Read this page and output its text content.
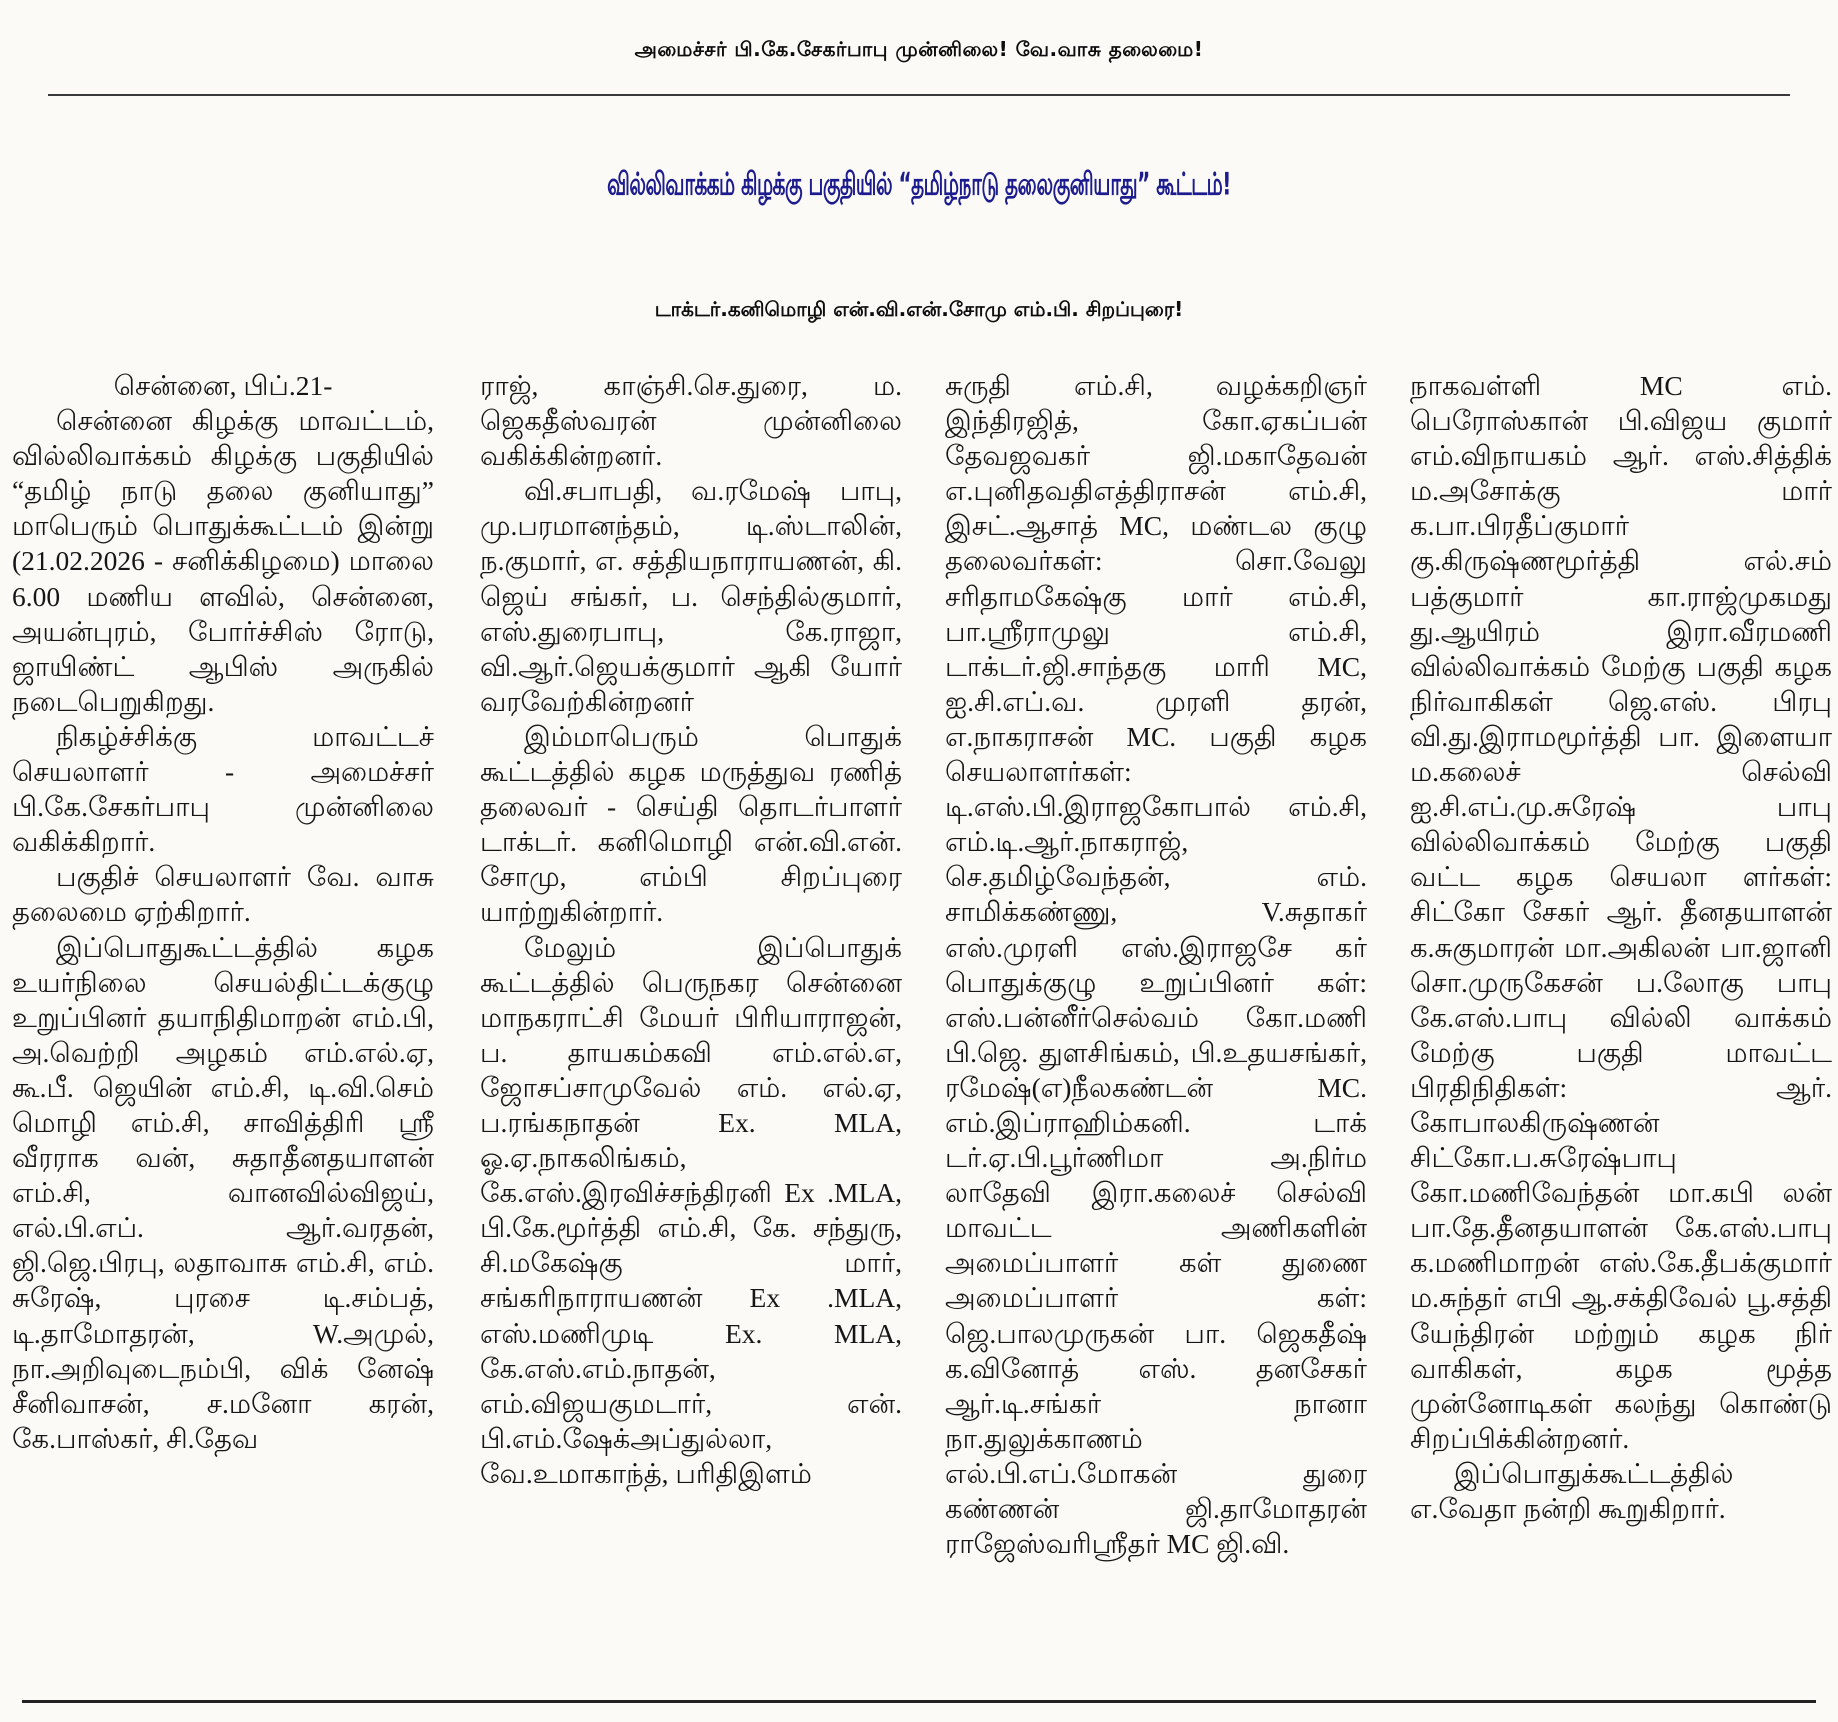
அமைச்சர் பி.கே.சேகர்பாபு முன்னிலை! வே.வாசு தலைமை!
வில்லிவாக்கம் கிழக்கு பகுதியில் “தமிழ்நாடு தலைகுனியாது” கூட்டம்!
டாக்டர்.கனிமொழி என்.வி.என்.சோமு எம்.பி. சிறப்புரை!

சென்னை, பிப்.21-

சென்னை கிழக்கு மாவட்டம், வில்லிவாக்கம் கிழக்கு பகுதியில் “தமிழ் நாடு தலை குனியாது” மாபெரும் பொதுக்கூட்டம் இன்று (21.02.2026 - சனிக்கிழமை) மாலை 6.00 மணிய ளவில், சென்னை, அயன்புரம், போர்ச்சிஸ் ரோடு, ஜாயிண்ட் ஆபிஸ் அருகில் நடைபெறுகிறது.

நிகழ்ச்சிக்கு மாவட்டச் செயலாளர் - அமைச்சர் பி.கே.சேகர்பாபு முன்னிலை வகிக்கிறார்.

பகுதிச் செயலாளர் வே. வாசு தலைமை ஏற்கிறார்.

இப்பொதுகூட்டத்தில் கழக உயர்நிலை செயல்திட்டக்குழு உறுப்பினர் தயாநிதிமாறன் எம்.பி, அ.வெற்றி அழகம் எம்.எல்.ஏ, கூ.பீ. ஜெயின் எம்.சி, டி.வி.செம் மொழி எம்.சி, சாவித்திரி ஸ்ரீ வீரராக வன், சுதாதீனதயாளன் எம்.சி, வானவில்விஜய், எல்.பி.எப். ஆர்.வரதன், ஜி.ஜெ.பிரபு, லதாவாசு எம்.சி, எம். சுரேஷ், புரசை டி.சம்பத், டி.தாமோதரன், W.அமுல், நா.அறிவுடைநம்பி, விக் னேஷ் சீனிவாசன், ச.மனோ கரன், கே.பாஸ்கர், சி.தேவ

ராஜ், காஞ்சி.செ.துரை, ம. ஜெகதீஸ்வரன் முன்னிலை வகிக்கின்றனர்.

வி.சபாபதி, வ.ரமேஷ் பாபு, மு.பரமானந்தம், டி.ஸ்டாலின், ந.குமார், எ. சத்தியநாராயணன், கி. ஜெய் சங்கர், ப. செந்தில்குமார், எஸ்.துரைபாபு, கே.ராஜா, வி.ஆர்.ஜெயக்குமார் ஆகி யோர் வரவேற்கின்றனர்

இம்மாபெரும் பொதுக் கூட்டத்தில் கழக மருத்துவ ரணித் தலைவர் - செய்தி தொடர்பாளர் டாக்டர். கனிமொழி என்.வி.என். சோமு, எம்பி சிறப்புரை யாற்றுகின்றார்.

மேலும் இப்பொதுக் கூட்டத்தில் பெருநகர சென்னை மாநகராட்சி மேயர் பிரியாராஜன், ப. தாயகம்கவி எம்.எல்.எ, ஜோசப்சாமுவேல் எம். எல்.ஏ, ப.ரங்கநாதன் Ex. MLA, ஓ.ஏ.நாகலிங்கம், கே.எஸ்.இரவிச்சந்திரனி Ex .MLA, பி.கே.மூர்த்தி எம்.சி, கே. சந்துரு, சி.மகேஷ்கு மார், சங்கரிநாராயணன் Ex .MLA, எஸ்.மணிமுடி Ex. MLA, கே.எஸ்.எம்.நாதன், எம்.விஜயகுமடார், என். பி.எம்.ஷேக்அப்துல்லா, வே.உமாகாந்த், பரிதிஇளம்

சுருதி எம்.சி, வழக்கறிஞர் இந்திரஜித், கோ.ஏகப்பன் தேவஜவகர் ஜி.மகாதேவன் எ.புனிதவதிஎத்திராசன் எம்.சி, இசட்.ஆசாத் MC, மண்டல குழு தலைவர்கள்: சொ.வேலு சரிதாமகேஷ்கு மார் எம்.சி, பா.ஸ்ரீராமுலு எம்.சி, டாக்டர்.ஜி.சாந்தகு மாரி MC, ஐ.சி.எப்.வ. முரளி தரன், எ.நாகராசன் MC. பகுதி கழக செயலாளர்கள்: டி.எஸ்.பி.இராஜகோபால் எம்.சி, எம்.டி.ஆர்.நாகராஜ், செ.தமிழ்வேந்தன், எம். சாமிக்கண்ணு, V.சுதாகர் எஸ்.முரளி எஸ்.இராஜசே கர் பொதுக்குழு உறுப்பினர் கள்: எஸ்.பன்னீர்செல்வம் கோ.மணி பி.ஜெ. துளசிங்கம், பி.உதயசங்கர், ரமேஷ்(எ)நீலகண்டன் MC. எம்.இப்ராஹிம்கனி. டாக் டர்.ஏ.பி.பூர்ணிமா அ.நிர்ம லாதேவி இரா.கலைச் செல்வி மாவட்ட அணிகளின் அமைப்பாளர் கள் துணை அமைப்பாளர் கள்: ஜெ.பாலமுருகன் பா. ஜெகதீஷ் க.வினோத் எஸ். தனசேகர் ஆர்.டி.சங்கர் நானா நா.துலுக்காணம் எல்.பி.எப்.மோகன் துரை கண்ணன் ஜி.தாமோதரன் ராஜேஸ்வரிஸ்ரீதர் MC ஜி.வி.

நாகவள்ளி MC எம். பெரோஸ்கான் பி.விஜய குமார் எம்.விநாயகம் ஆர். எஸ்.சித்திக் ம.அசோக்கு மார் க.பா.பிரதீப்குமார் கு.கிருஷ்ணமூர்த்தி எல்.சம் பத்குமார் கா.ராஜ்முகமது து.ஆயிரம் இரா.வீரமணி வில்லிவாக்கம் மேற்கு பகுதி கழக நிர்வாகிகள் ஜெ.எஸ். பிரபு வி.து.இராமமூர்த்தி பா. இளையா ம.கலைச் செல்வி ஐ.சி.எப்.மு.சுரேஷ் பாபு வில்லிவாக்கம் மேற்கு பகுதி வட்ட கழக செயலா ளர்கள்: சிட்கோ சேகர் ஆர். தீனதயாளன் க.சுகுமாரன் மா.அகிலன் பா.ஜானி சொ.முருகேசன் ப.லோகு பாபு கே.எஸ்.பாபு வில்லி வாக்கம் மேற்கு பகுதி மாவட்ட பிரதிநிதிகள்: ஆர். கோபாலகிருஷ்ணன் சிட்கோ.ப.சுரேஷ்பாபு கோ.மணிவேந்தன் மா.கபி லன் பா.தே.தீனதயாளன் கே.எஸ்.பாபு க.மணிமாறன் எஸ்.கே.தீபக்குமார் ம.சுந்தர் எபி ஆ.சக்திவேல் பூ.சத்தி யேந்திரன் மற்றும் கழக நிர் வாகிகள், கழக மூத்த முன்னோடிகள் கலந்து கொண்டு சிறப்பிக்கின்றனர்.

இப்பொதுக்கூட்டத்தில் எ.வேதா நன்றி கூறுகிறார்.
